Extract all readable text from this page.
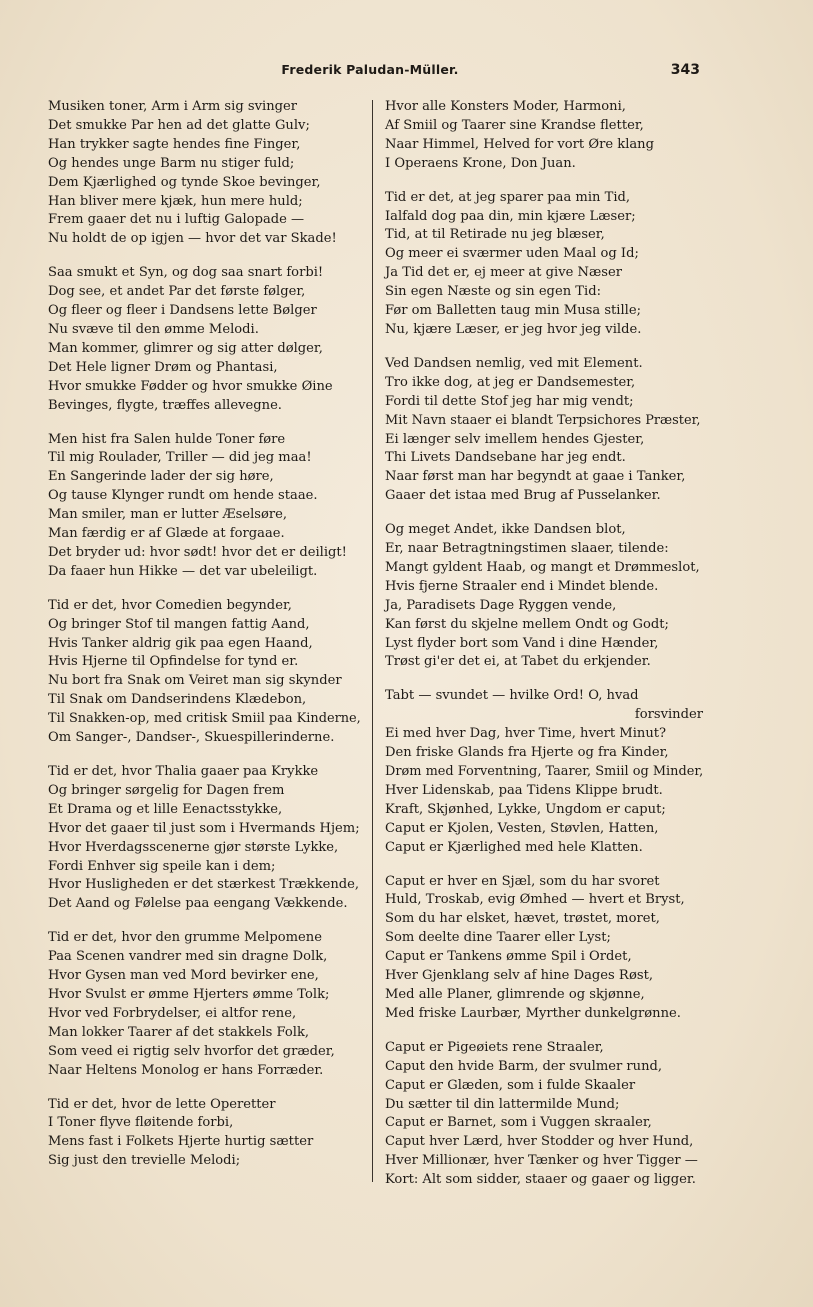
Frederik Paludan-Müller.	343
Musiken toner, Arm i Arm sig svinger
Det smukke Par hen ad det glatte Gulv;
Han trykker sagte hendes fine Finger,
Og hendes unge Barm nu stiger fuld;
Dem Kjærlighed og tynde Skoe bevinger,
Han bliver mere kjæk, hun mere huld;
Frem gaaer det nu i luftig Galopade —
Nu holdt de op igjen — hvor det var Skade!
Saa smukt et Syn, og dog saa snart forbi!
Dog see, et andet Par det første følger,
Og fleer og fleer i Dandsens lette Bølger
Nu svæve til den ømme Melodi.
Man kommer, glimrer og sig atter dølger,
Det Hele ligner Drøm og Phantasi,
Hvor smukke Fødder og hvor smukke Øine
Bevinges, flygte, træffes allevegne.
Men hist fra Salen hulde Toner føre
Til mig Roulader, Triller — did jeg maa!
En Sangerinde lader der sig høre,
Og tause Klynger rundt om hende staae.
Man smiler, man er lutter Æselsøre,
Man færdig er af Glæde at forgaae.
Det bryder ud: hvor sødt! hvor det er deiligt!
Da faaer hun Hikke — det var ubeleiligt.
Tid er det, hvor Comedien begynder,
Og bringer Stof til mangen fattig Aand,
Hvis Tanker aldrig gik paa egen Haand,
Hvis Hjerne til Opfindelse for tynd er.
Nu bort fra Snak om Veiret man sig skynder
Til Snak om Dandserindens Klædebon,
Til Snakken-op, med critisk Smiil paa Kinderne,
Om Sanger-, Dandser-, Skuespillerinderne.
Tid er det, hvor Thalia gaaer paa Krykke
Og bringer sørgelig for Dagen frem
Et Drama og et lille Eenactsstykke,
Hvor det gaaer til just som i Hvermands Hjem;
Hvor Hverdagsscenerne gjør største Lykke,
Fordi Enhver sig speile kan i dem;
Hvor Husligheden er det stærkest Trækkende,
Det Aand og Følelse paa eengang Vækkende.
Tid er det, hvor den grumme Melpomene
Paa Scenen vandrer med sin dragne Dolk,
Hvor Gysen man ved Mord bevirker ene,
Hvor Svulst er ømme Hjerters ømme Tolk;
Hvor ved Forbrydelser, ei altfor rene,
Man lokker Taarer af det stakkels Folk,
Som veed ei rigtig selv hvorfor det græder,
Naar Heltens Monolog er hans Forræder.
Tid er det, hvor de lette Operetter
I Toner flyve fløitende forbi,
Mens fast i Folkets Hjerte hurtig sætter
Sig just den trevielle Melodi;
Hvor alle Konsters Moder, Harmoni,
Af Smiil og Taarer sine Krandse fletter,
Naar Himmel, Helved for vort Øre klang
I Operaens Krone, Don Juan.
Tid er det, at jeg sparer paa min Tid,
Ialfald dog paa din, min kjære Læser;
Tid, at til Retirade nu jeg blæser,
Og meer ei sværmer uden Maal og Id;
Ja Tid det er, ej meer at give Næser
Sin egen Næste og sin egen Tid:
Før om Balletten taug min Musa stille;
Nu, kjære Læser, er jeg hvor jeg vilde.
Ved Dandsen nemlig, ved mit Element.
Tro ikke dog, at jeg er Dandsemester,
Fordi til dette Stof jeg har mig vendt;
Mit Navn staaer ei blandt Terpsichores Præster,
Ei længer selv imellem hendes Gjester,
Thi Livets Dandsebane har jeg endt.
Naar først man har begyndt at gaae i Tanker,
Gaaer det istaa med Brug af Pusselanker.
Og meget Andet, ikke Dandsen blot,
Er, naar Betragtningstimen slaaer, tilende:
Mangt gyldent Haab, og mangt et Drømmeslot,
Hvis fjerne Straaler end i Mindet blende.
Ja, Paradisets Dage Ryggen vende,
Kan først du skjelne mellem Ondt og Godt;
Lyst flyder bort som Vand i dine Hænder,
Trøst gi'er det ei, at Tabet du erkjender.
Tabt — svundet — hvilke Ord! O, hvad
forsvinder
Ei med hver Dag, hver Time, hvert Minut?
Den friske Glands fra Hjerte og fra Kinder,
Drøm med Forventning, Taarer, Smiil og Minder,
Hver Lidenskab, paa Tidens Klippe brudt.
Kraft, Skjønhed, Lykke, Ungdom er caput;
Caput er Kjolen, Vesten, Støvlen, Hatten,
Caput er Kjærlighed med hele Klatten.
Caput er hver en Sjæl, som du har svoret
Huld, Troskab, evig Ømhed — hvert et Bryst,
Som du har elsket, hævet, trøstet, moret,
Som deelte dine Taarer eller Lyst;
Caput er Tankens ømme Spil i Ordet,
Hver Gjenklang selv af hine Dages Røst,
Med alle Planer, glimrende og skjønne,
Med friske Laurbær, Myrther dunkelgrønne.
Caput er Pigeøiets rene Straaler,
Caput den hvide Barm, der svulmer rund,
Caput er Glæden, som i fulde Skaaler
Du sætter til din lattermilde Mund;
Caput er Barnet, som i Vuggen skraaler,
Caput hver Lærd, hver Stodder og hver Hund,
Hver Millionær, hver Tænker og hver Tigger —
Kort: Alt som sidder, staaer og gaaer og ligger.
